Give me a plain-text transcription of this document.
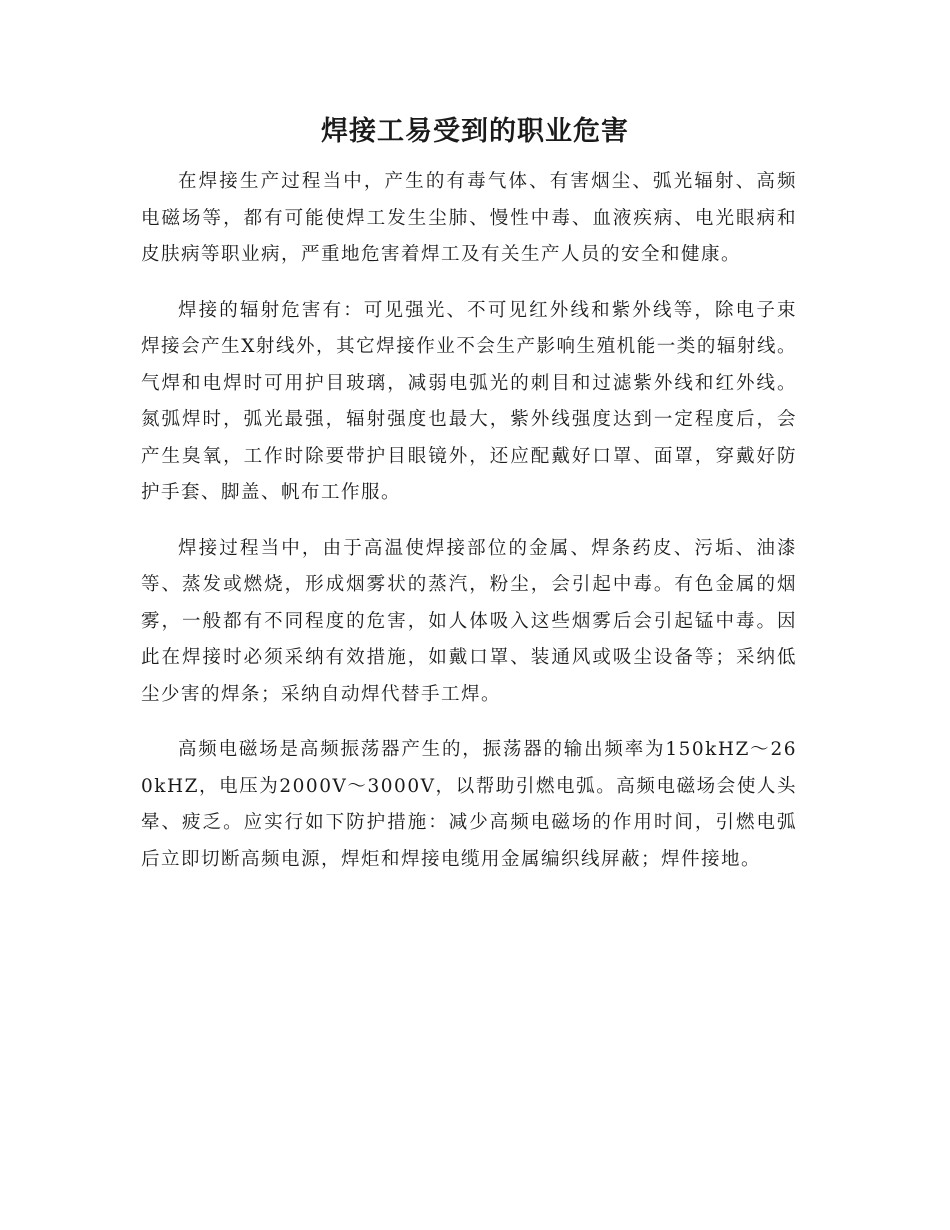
焊接工易受到的职业危害

在焊接生产过程当中，产生的有毒气体、有害烟尘、弧光辐射、高频电磁场等，都有可能使焊工发生尘肺、慢性中毒、血液疾病、电光眼病和皮肤病等职业病，严重地危害着焊工及有关生产人员的安全和健康。

焊接的辐射危害有：可见强光、不可见红外线和紫外线等，除电子束焊接会产生X射线外，其它焊接作业不会生产影响生殖机能一类的辐射线。气焊和电焊时可用护目玻璃，减弱电弧光的刺目和过滤紫外线和红外线。氮弧焊时，弧光最强，辐射强度也最大，紫外线强度达到一定程度后，会产生臭氧，工作时除要带护目眼镜外，还应配戴好口罩、面罩，穿戴好防护手套、脚盖、帆布工作服。

焊接过程当中，由于高温使焊接部位的金属、焊条药皮、污垢、油漆等、蒸发或燃烧，形成烟雾状的蒸汽，粉尘，会引起中毒。有色金属的烟雾，一般都有不同程度的危害，如人体吸入这些烟雾后会引起锰中毒。因此在焊接时必须采纳有效措施，如戴口罩、装通风或吸尘设备等；采纳低尘少害的焊条；采纳自动焊代替手工焊。

高频电磁场是高频振荡器产生的，振荡器的输出频率为150kHZ～260kHZ，电压为2000V～3000V，以帮助引燃电弧。高频电磁场会使人头晕、疲乏。应实行如下防护措施：减少高频电磁场的作用时间，引燃电弧后立即切断高频电源，焊炬和焊接电缆用金属编织线屏蔽；焊件接地。
